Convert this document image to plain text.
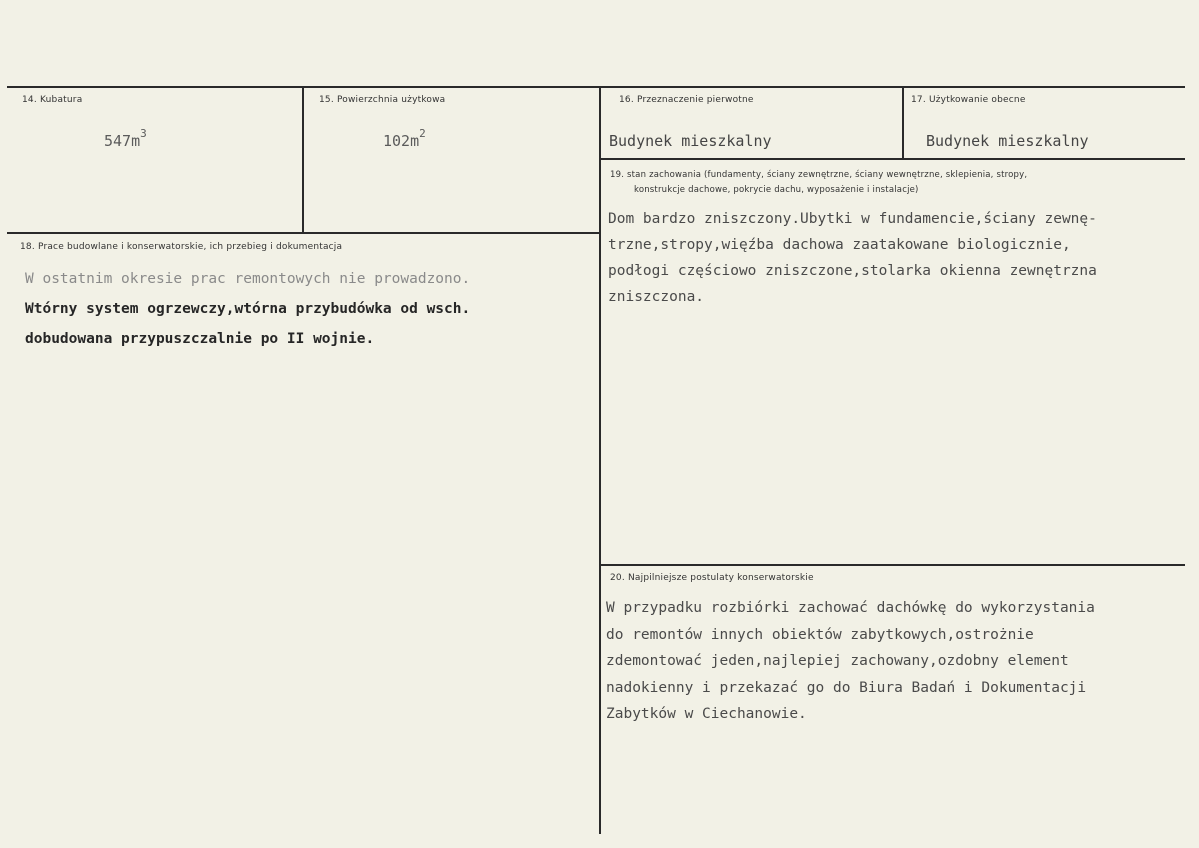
14. Kubatura
$547m^3$
15. Powierzchnia użytkowa
$102m^2$
16. Przeznaczenie pierwotne
Budynek mieszkalny
17. Użytkowanie obecne
Budynek mieszkalny
18. Prace budowlane i konserwatorskie, ich przebieg i dokumentacja
W ostatnim okresie prac remontowych nie prowadzono.
Wtórny system ogrzewczy,wtórna przybudówka od wsch.
dobudowana przypuszczalnie po II wojnie.
19. stan zachowania (fundamenty, ściany zewnętrzne, ściany wewnętrzne, sklepienia, stropy,
konstrukcje dachowe, pokrycie dachu, wyposażenie i instalacje)
Dom bardzo zniszczony.Ubytki w fundamencie,ściany zewnę-
trzne,stropy,więźba dachowa zaatakowane biologicznie,
podłogi częściowo zniszczone,stolarka okienna zewnętrzna
zniszczona.
20. Najpilniejsze postulaty konserwatorskie
W przypadku rozbiórki zachować dachówkę do wykorzystania
do remontów innych obiektów zabytkowych,ostrożnie
zdemontować jeden,najlepiej zachowany,ozdobny element
nadokienny i przekazać go do Biura Badań i Dokumentacji
Zabytków w Ciechanowie.
